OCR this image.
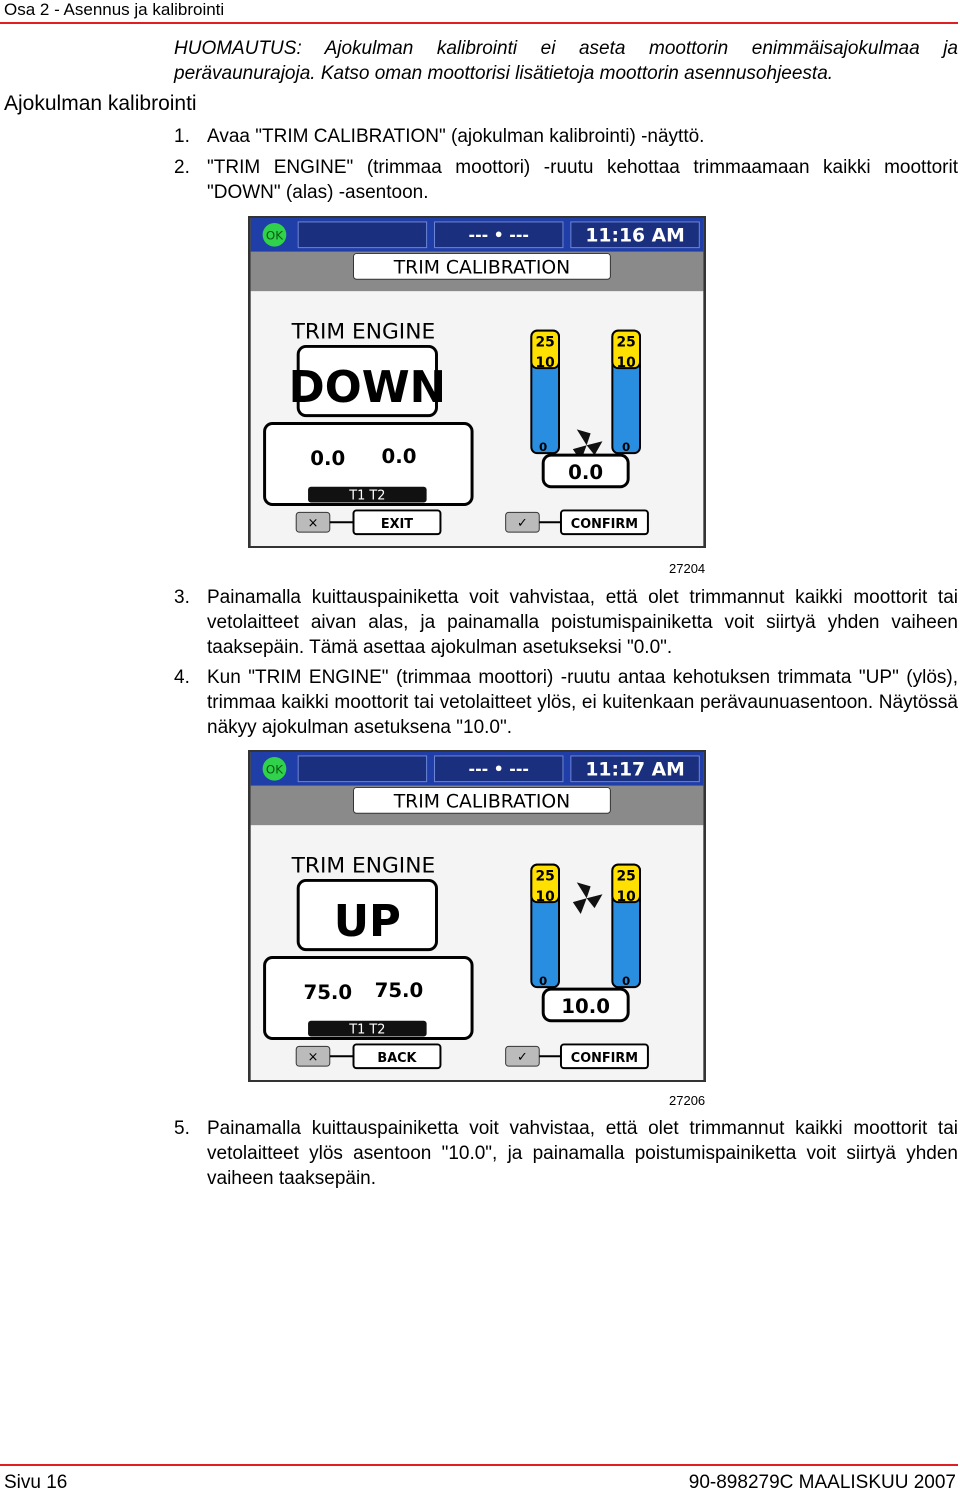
Osa 2 - Asennus ja kalibrointi
HUOMAUTUS: Ajokulman kalibrointi ei aseta moottorin enimmäisajokulmaa ja perävaunurajoja. Katso oman moottorisi lisätietoja moottorin asennusohjeesta.
Ajokulman kalibrointi
1. Avaa "TRIM CALIBRATION" (ajokulman kalibrointi) -näyttö.
2. "TRIM ENGINE" (trimmaa moottori) -ruutu kehottaa trimmaamaan kaikki moottorit "DOWN" (alas) -asentoon.
OK	--- • ---	11:16 AM
TRIM CALIBRATION
TRIM ENGINE
DOWN
0.0 0.0
T1 T2
25
10
0
25
10
0
0.0
×	EXIT	✓	CONFIRM
27204
3. Painamalla kuittauspainiketta voit vahvistaa, että olet trimmannut kaikki moottorit tai vetolaitteet aivan alas, ja painamalla poistumispainiketta voit siirtyä yhden vaiheen taaksepäin. Tämä asettaa ajokulman asetukseksi "0.0".
4. Kun "TRIM ENGINE" (trimmaa moottori) -ruutu antaa kehotuksen trimmata "UP" (ylös), trimmaa kaikki moottorit tai vetolaitteet ylös, ei kuitenkaan perävaunuasentoon. Näytössä näkyy ajokulman asetuksena "10.0".
OK	--- • ---	11:17 AM
TRIM CALIBRATION
TRIM ENGINE
UP
75.0 75.0
T1 T2
25
10
0
25
10
0
10.0
×	BACK	✓	CONFIRM
27206
5. Painamalla kuittauspainiketta voit vahvistaa, että olet trimmannut kaikki moottorit tai vetolaitteet ylös asentoon "10.0", ja painamalla poistumispainiketta voit siirtyä yhden vaiheen taaksepäin.
Sivu 16	90-898279C MAALISKUU 2007
